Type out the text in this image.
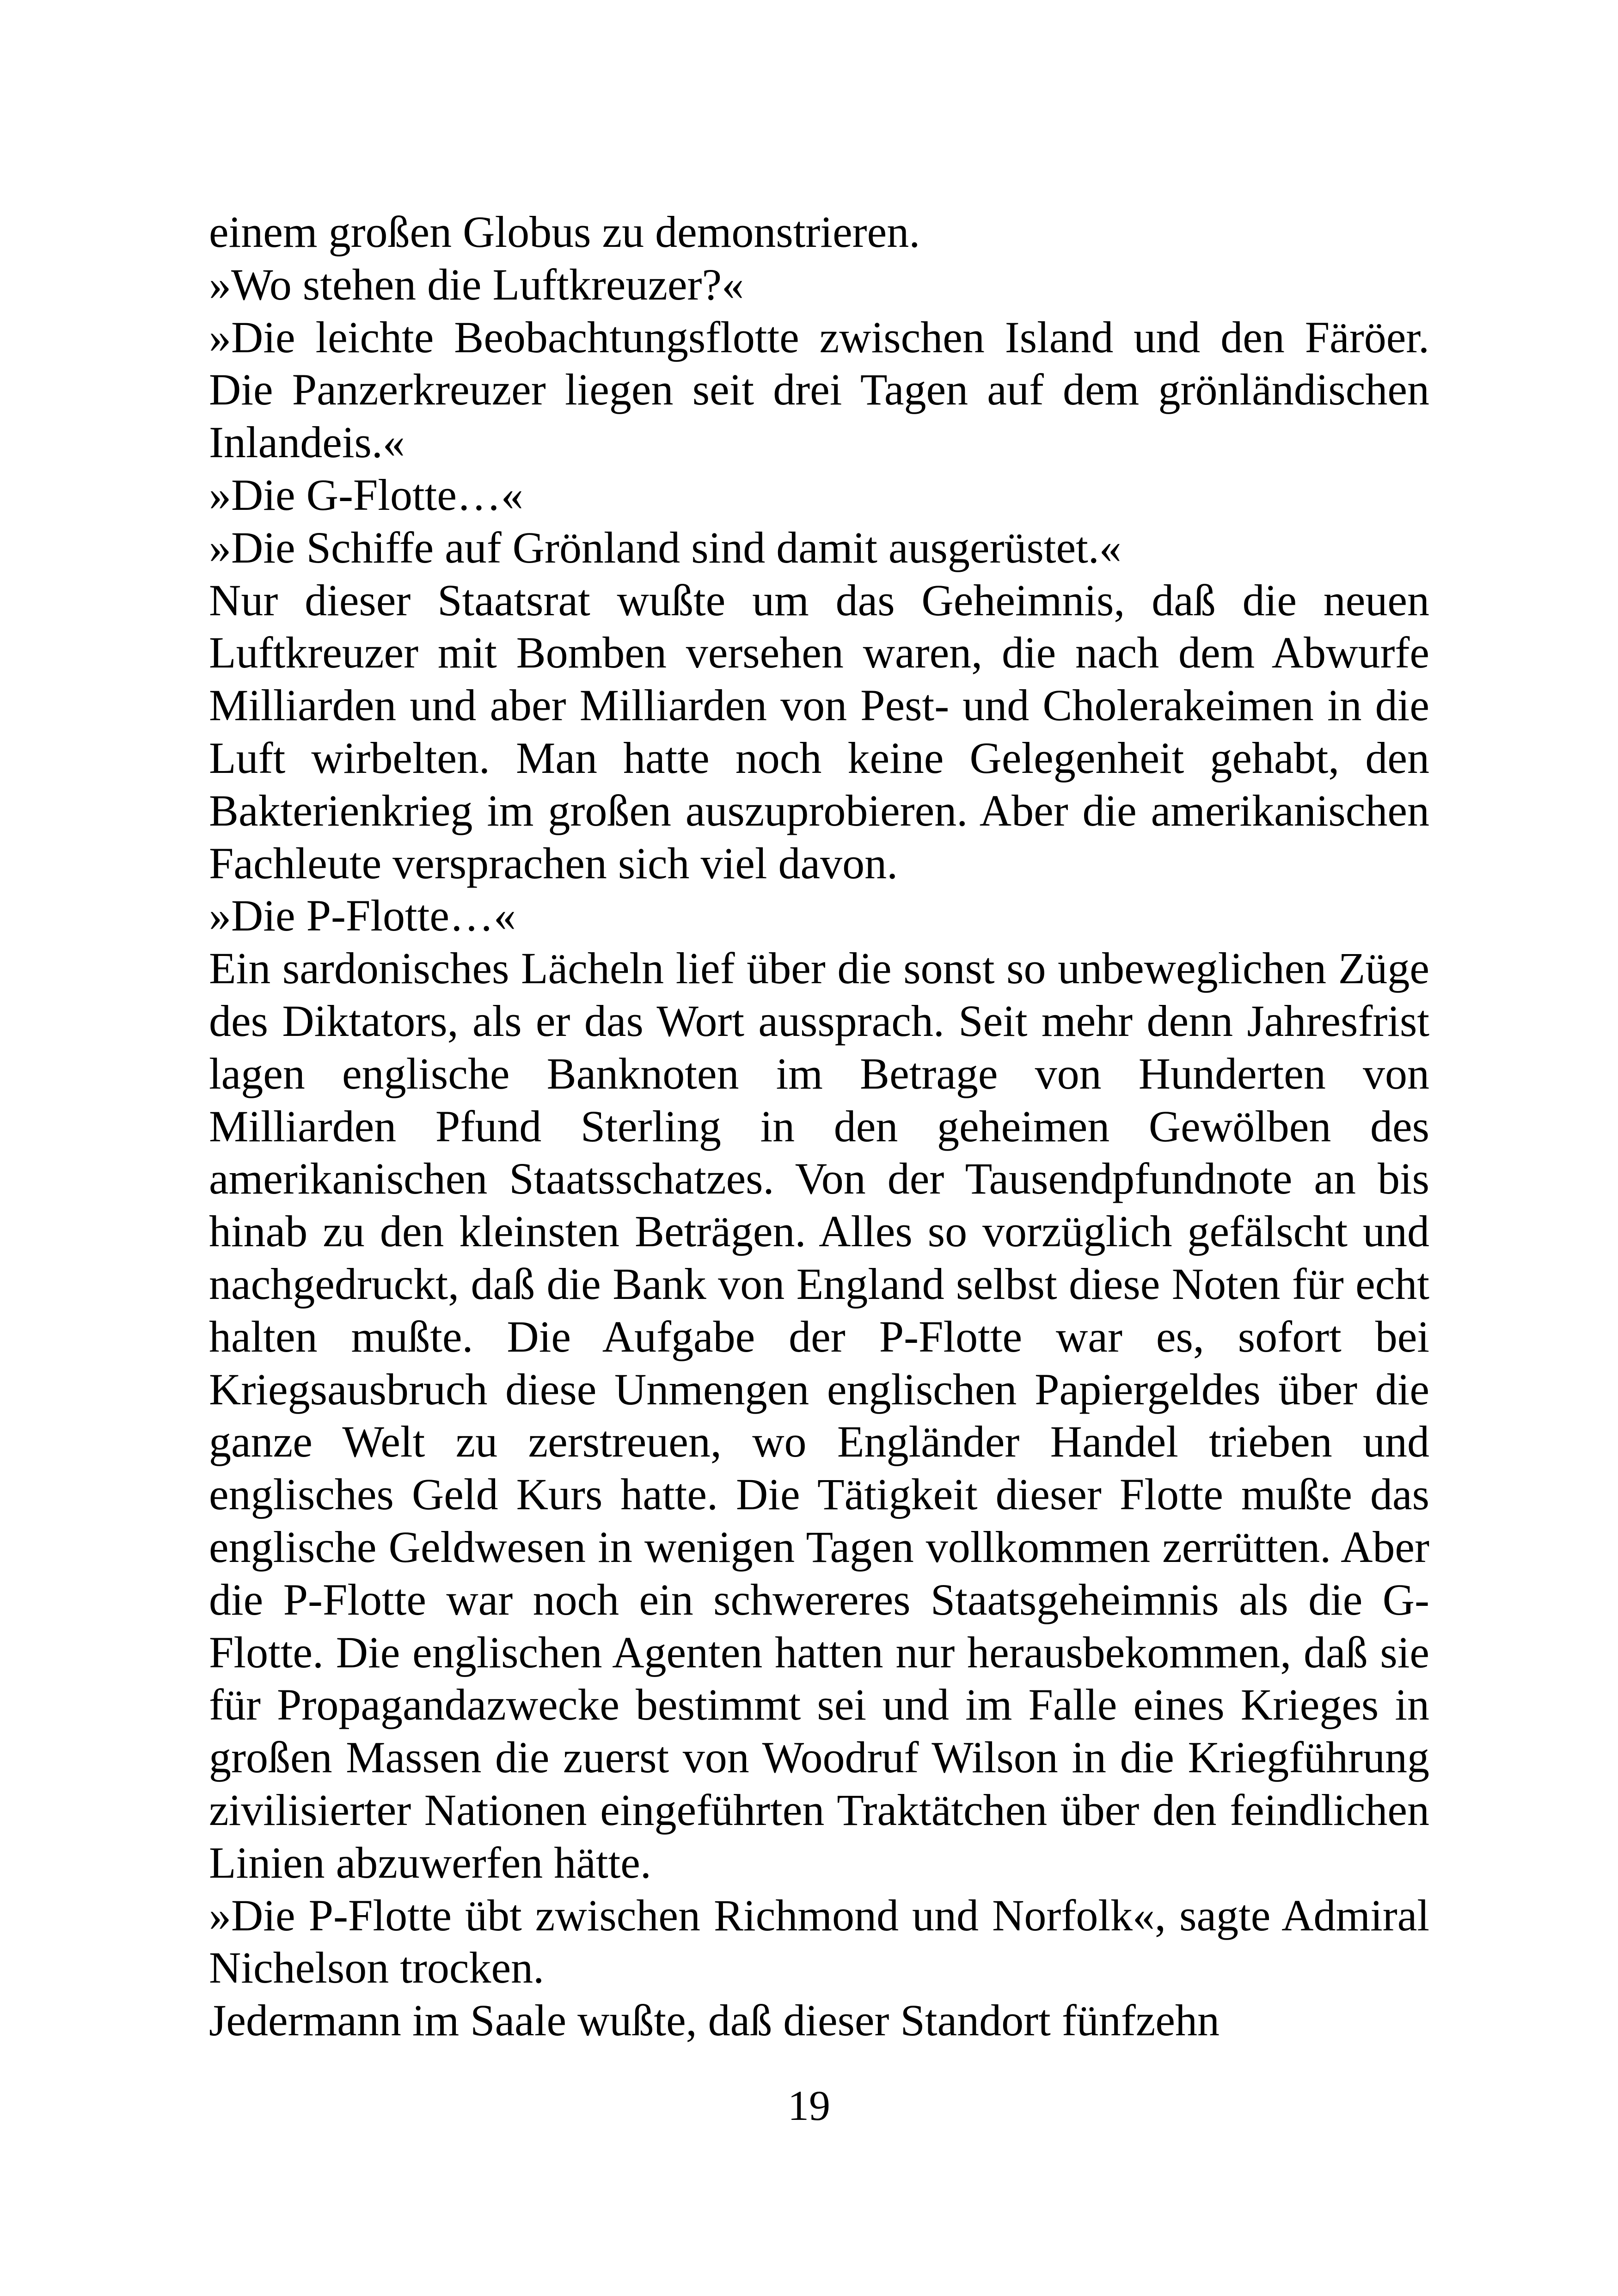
einem großen Globus zu demonstrieren.

»Wo stehen die Luftkreuzer?«

»Die leichte Beobachtungsflotte zwischen Island und den Färöer. Die Panzerkreuzer liegen seit drei Tagen auf dem grönländischen Inlandeis.«

»Die G-Flotte…«

»Die Schiffe auf Grönland sind damit ausgerüstet.«

Nur dieser Staatsrat wußte um das Geheimnis, daß die neuen Luftkreuzer mit Bomben versehen waren, die nach dem Abwurfe Milliarden und aber Milliarden von Pest- und Cholerakeimen in die Luft wirbelten. Man hatte noch keine Gelegenheit gehabt, den Bakterienkrieg im großen auszuprobieren. Aber die amerikanischen Fachleute versprachen sich viel davon.

»Die P-Flotte…«

Ein sardonisches Lächeln lief über die sonst so unbeweglichen Züge des Diktators, als er das Wort aussprach. Seit mehr denn Jahresfrist lagen englische Banknoten im Betrage von Hunderten von Milliarden Pfund Sterling in den geheimen Gewölben des amerikanischen Staatsschatzes. Von der Tausendpfundnote an bis hinab zu den kleinsten Beträgen. Alles so vorzüglich gefälscht und nachgedruckt, daß die Bank von England selbst diese Noten für echt halten mußte. Die Aufgabe der P-Flotte war es, sofort bei Kriegsausbruch diese Unmengen englischen Papiergeldes über die ganze Welt zu zerstreuen, wo Engländer Handel trieben und englisches Geld Kurs hatte. Die Tätigkeit dieser Flotte mußte das englische Geldwesen in wenigen Tagen vollkommen zerrütten. Aber die P-Flotte war noch ein schwereres Staatsgeheimnis als die G-Flotte. Die englischen Agenten hatten nur herausbekommen, daß sie für Propagandazwecke bestimmt sei und im Falle eines Krieges in großen Massen die zuerst von Woodruf Wilson in die Kriegführung zivilisierter Nationen eingeführten Traktätchen über den feindlichen Linien abzuwerfen hätte.

»Die P-Flotte übt zwischen Richmond und Norfolk«, sagte Admiral Nichelson trocken.

Jedermann im Saale wußte, daß dieser Standort fünfzehn

19
